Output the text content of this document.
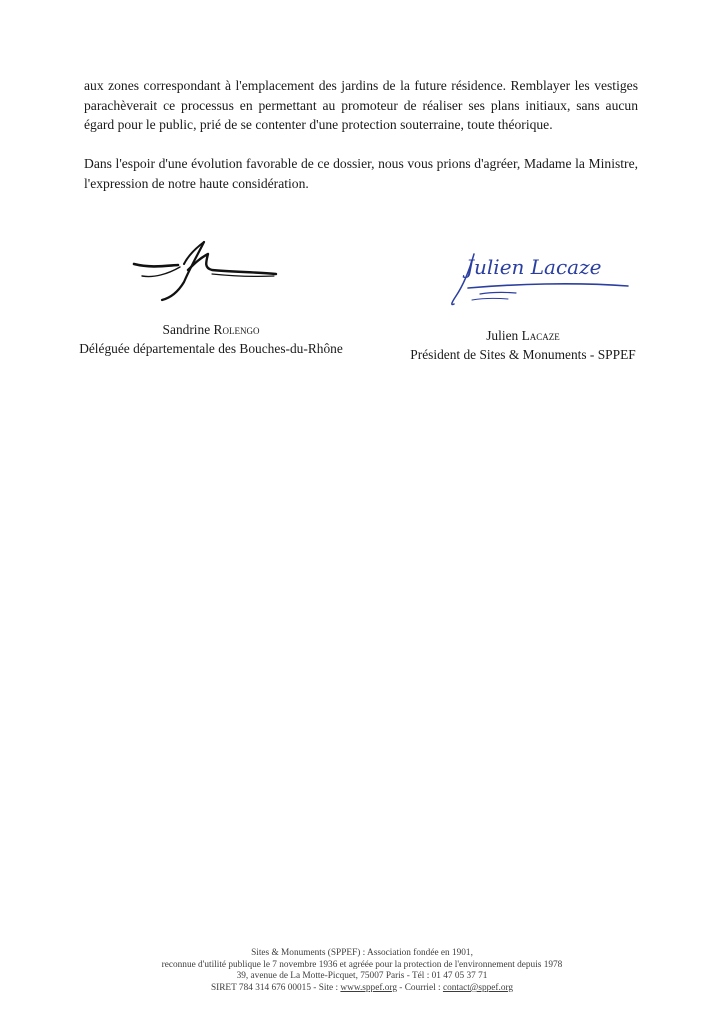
aux zones correspondant à l'emplacement des jardins de la future résidence. Remblayer les vestiges parachèverait ce processus en permettant au promoteur de réaliser ses plans initiaux, sans aucun égard pour le public, prié de se contenter d'une protection souterraine, toute théorique.

Dans l'espoir d'une évolution favorable de ce dossier, nous vous prions d'agréer, Madame la Ministre, l'expression de notre haute considération.

Julien Lacaze
Sandrine Rolengo
Déléguée départementale des Bouches-du-Rhône
Julien Lacaze
Président de Sites & Monuments - SPPEF
Sites & Monuments (SPPEF) : Association fondée en 1901,
reconnue d'utilité publique le 7 novembre 1936 et agréée pour la protection de l'environnement depuis 1978
39, avenue de La Motte-Picquet, 75007 Paris - Tél : 01 47 05 37 71
SIRET 784 314 676 00015 - Site : www.sppef.org - Courriel : contact@sppef.org
